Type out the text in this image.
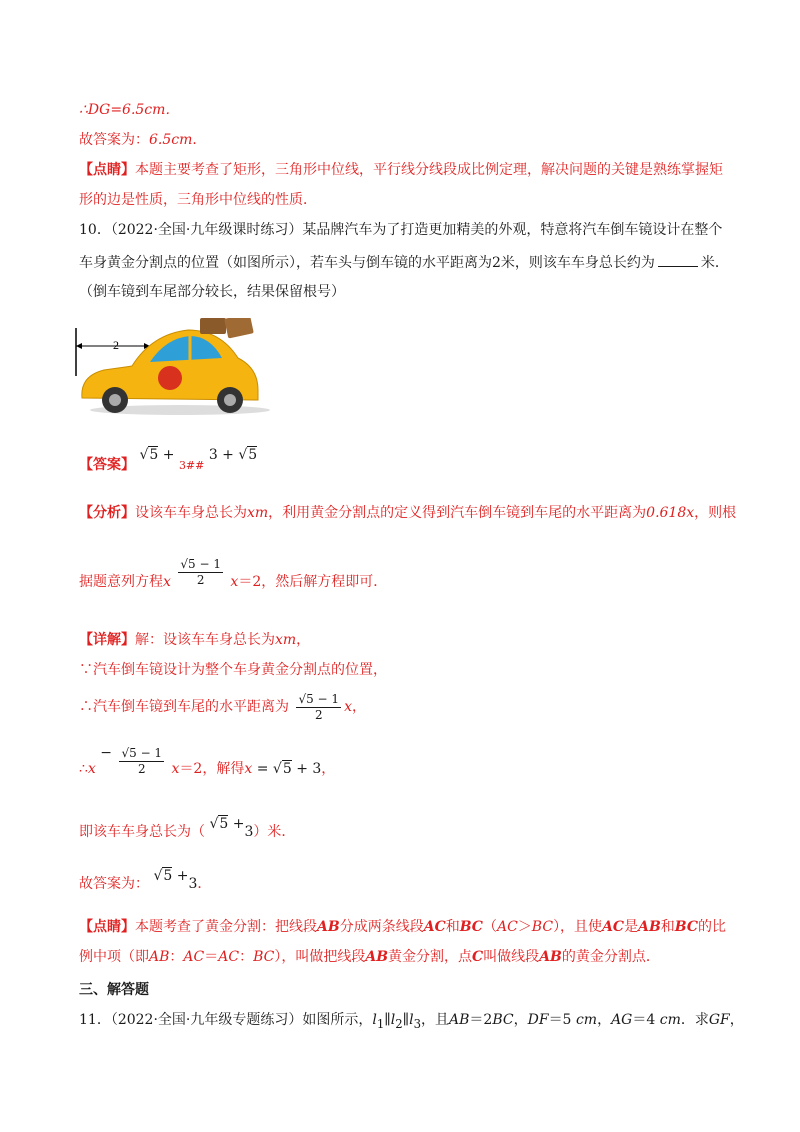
∴DG=6.5cm．
故答案为：6.5cm．
【点睛】本题主要考查了矩形，三角形中位线，平行线分线段成比例定理，解决问题的关键是熟练掌握矩
形的边是性质，三角形中位线的性质．
10．（2022·全国·九年级课时练习）某品牌汽车为了打造更加精美的外观，特意将汽车倒车镜设计在整个
车身黄金分割点的位置（如图所示），若车头与倒车镜的水平距离为2米，则该车车身总长约为	米．
（倒车镜到车尾部分较长，结果保留根号）
2
【答案】 √5 + 3## 3 + √5
【分析】设该车车身总长为xm，利用黄金分割点的定义得到汽车倒车镜到车尾的水平距离为0.618x，则根
据题意列方程x $\frac{√5 - 1}{2} x=2$，然后解方程即可．
【详解】解：设该车车身总长为xm，
∵汽车倒车镜设计为整个车身黄金分割点的位置，
∴汽车倒车镜到车尾的水平距离为 $\frac{√5 - 1}{2}$ x，
∴x − $\frac{√5 - 1}{2} x=2$，解得x = √5 + 3，
即该车车身总长为（ √5 +3）米．
故答案为： √5 +3．
【点睛】本题考查了黄金分割：把线段AB分成两条线段AC和BC（AC＞BC），且使AC是AB和BC的比
例中项（即AB：AC＝AC：BC），叫做把线段AB黄金分割，点C叫做线段AB的黄金分割点．
三、解答题
11．（2022·全国·九年级专题练习）如图所示，$l_1\parallel l_2\parallel l_3$，且AB＝2BC，DF＝5 cm，AG＝4 cm．求GF，
